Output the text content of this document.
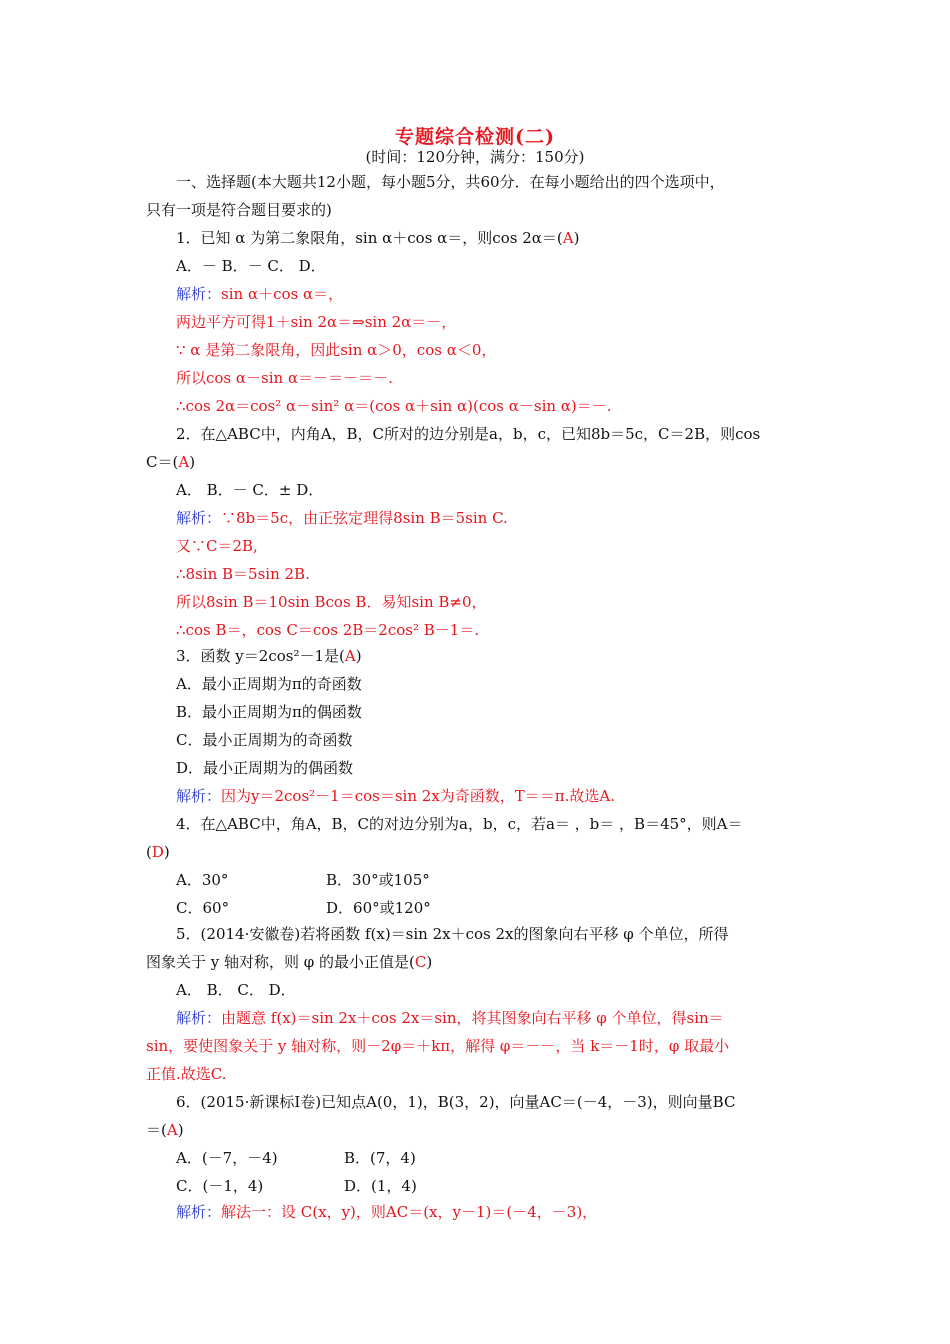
专题综合检测(二)
(时间：120分钟，满分：150分)
一、选择题(本大题共12小题，每小题5分，共60分．在每小题给出的四个选项中，
只有一项是符合题目要求的)
1．已知 α 为第二象限角，sin α＋cos α＝，则cos 2α＝(A)
A．－ B．－ C． D．
解析：sin α＋cos α＝，
两边平方可得1＋sin 2α＝⇒sin 2α＝－，
∵ α 是第二象限角，因此sin α＞0，cos α＜0，
所以cos α－sin α＝－＝－＝－.
∴cos 2α＝cos² α－sin² α＝(cos α＋sin α)(cos α－sin α)＝－.
2．在△ABC中，内角A，B，C所对的边分别是a，b，c，已知8b＝5c，C＝2B，则cos
C＝(A)
A． B．－ C．± D．
解析：∵8b＝5c，由正弦定理得8sin B＝5sin C.
又∵C＝2B,
∴8sin B＝5sin 2B.
所以8sin B＝10sin Bcos B．易知sin B≠0，
∴cos B＝，cos C＝cos 2B＝2cos² B－1＝.
3．函数 y＝2cos²－1是(A)
A．最小正周期为π的奇函数
B．最小正周期为π的偶函数
C．最小正周期为的奇函数
D．最小正周期为的偶函数
解析：因为y＝2cos²－1＝cos＝sin 2x为奇函数，T＝＝π.故选A.
4．在△ABC中，角A，B，C的对边分别为a，b，c，若a＝ ，b＝ ，B＝45°，则A＝
(D)
A．30°	B．30°或105°
C．60°	D．60°或120°
5．(2014·安徽卷)若将函数 f(x)＝sin 2x＋cos 2x的图象向右平移 φ 个单位，所得
图象关于 y 轴对称，则 φ 的最小正值是(C)
A． B． C． D．
解析：由题意 f(x)＝sin 2x＋cos 2x＝sin，将其图象向右平移 φ 个单位，得sin＝
sin，要使图象关于 y 轴对称，则－2φ＝＋kπ，解得 φ＝－－，当 k＝－1时，φ 取最小
正值.故选C.
6．(2015·新课标Ⅰ卷)已知点A(0，1)，B(3，2)，向量AC＝(－4，－3)，则向量BC
＝(A)
A．(－7，－4)	B．(7，4)
C．(－1，4)	D．(1，4)
解析：解法一：设 C(x，y)，则AC＝(x，y－1)＝(－4，－3)，
